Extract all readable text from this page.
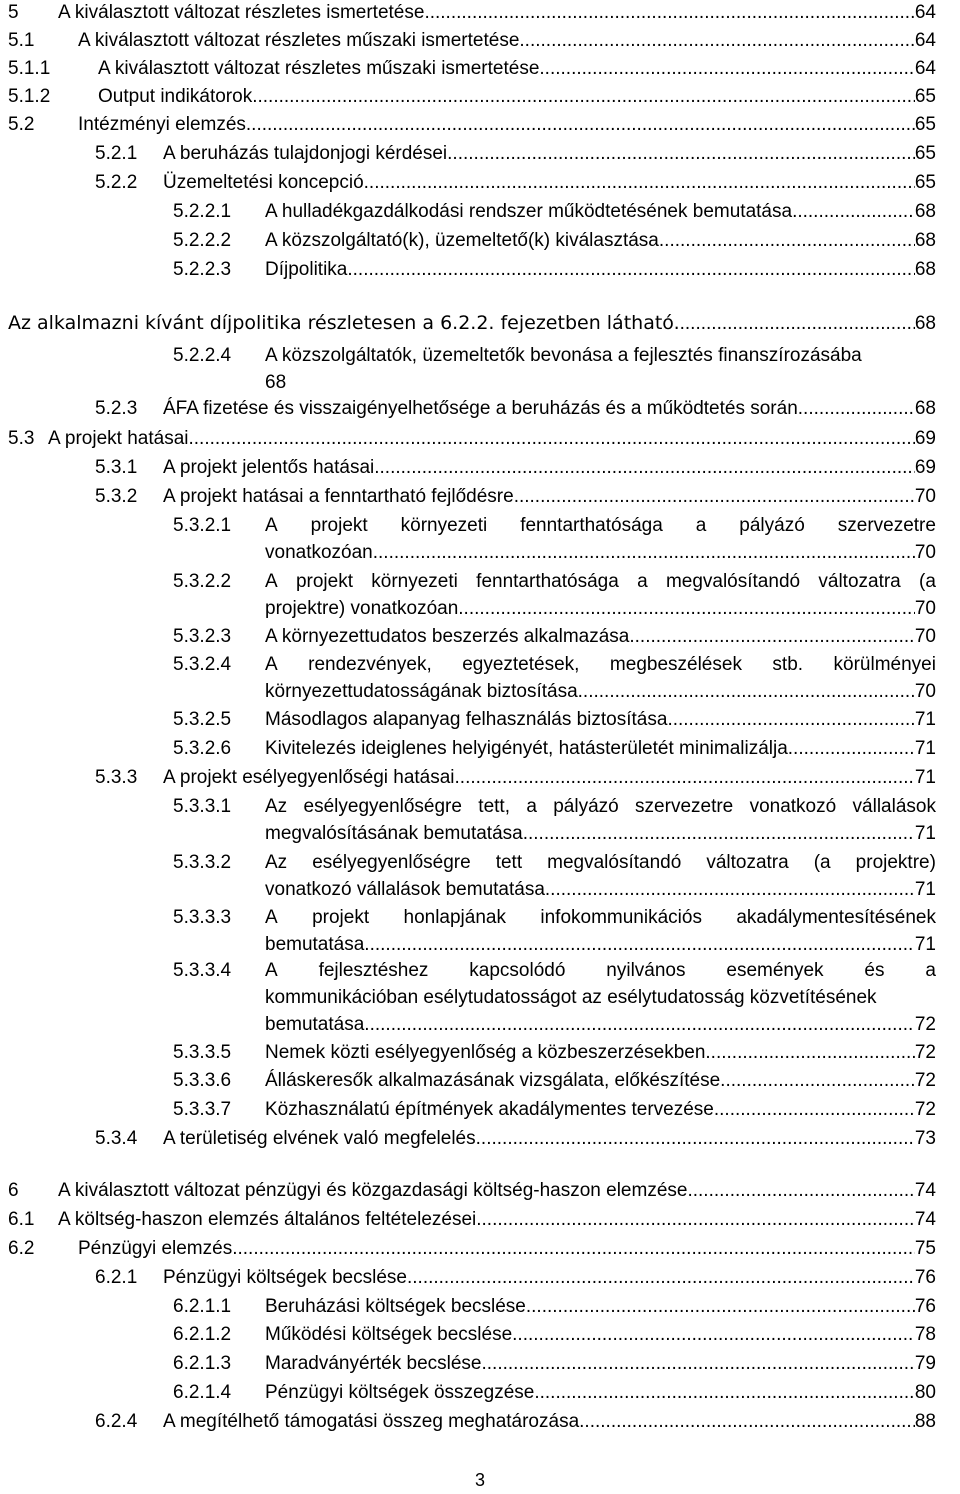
5 A kiválasztott változat részletes ismertetése .....	64
5.1 A kiválasztott változat részletes műszaki ismertetése .....	64
5.1.1	A kiválasztott változat részletes műszaki ismertetése .....	64
5.1.2	Output indikátorok .....	65
5.2 Intézményi elemzés .....	65
5.2.1 A beruházás tulajdonjogi kérdései .....	65
5.2.2 Üzemeltetési koncepció .....	65
5.2.2.1 A hulladékgazdálkodási rendszer működtetésének bemutatása .....	68
5.2.2.2 A közszolgáltató(k), üzemeltető(k) kiválasztása .....	68
5.2.2.3 Díjpolitika .....	68
Az alkalmazni kívánt díjpolitika részletesen a 6.2.2. fejezetben látható. .....	68
5.2.2.4 A közszolgáltatók, üzemeltetők bevonása a fejlesztés finanszírozásába
68
5.2.3 ÁFA fizetése és visszaigényelhetősége a beruházás és a működtetés során .....	68
5.3 A projekt hatásai .....	69
5.3.1 A projekt jelentős hatásai .....	69
5.3.2 A projekt hatásai a fenntartható fejlődésre .....	70
5.3.2.1 A projekt környezeti fenntarthatósága a pályázó szervezetre
vonatkozóan .....	70
5.3.2.2 A projekt környezeti fenntarthatósága a megvalósítandó változatra (a
projektre) vonatkozóan .....	70
5.3.2.3 A környezettudatos beszerzés alkalmazása .....	70
5.3.2.4 A rendezvények, egyeztetések, megbeszélések stb. körülményei
környezettudatosságának biztosítása .....	70
5.3.2.5 Másodlagos alapanyag felhasználás biztosítása .....	71
5.3.2.6 Kivitelezés ideiglenes helyigényét, hatásterületét minimalizálja .....	71
5.3.3 A projekt esélyegyenlőségi hatásai .....	71
5.3.3.1 Az esélyegyenlőségre tett, a pályázó szervezetre vonatkozó vállalások
megvalósításának bemutatása .....	71
5.3.3.2 Az esélyegyenlőségre tett megvalósítandó változatra (a projektre)
vonatkozó vállalások bemutatása .....	71
5.3.3.3 A projekt honlapjának infokommunikációs akadálymentesítésének
bemutatása .....	71
5.3.3.4 A fejlesztéshez kapcsolódó nyilvános események és a
kommunikációban esélytudatosságot az esélytudatosság közvetítésének
bemutatása .....	72
5.3.3.5 Nemek közti esélyegyenlőség a közbeszerzésekben .....	72
5.3.3.6 Álláskeresők alkalmazásának vizsgálata, előkészítése .....	72
5.3.3.7 Közhasználatú építmények akadálymentes tervezése .....	72
5.3.4 A területiség elvének való megfelelés .....	73
6 A kiválasztott változat pénzügyi és közgazdasági költség-haszon elemzése .....	74
6.1 A költség-haszon elemzés általános feltételezései .....	74
6.2 Pénzügyi elemzés .....	75
6.2.1 Pénzügyi költségek becslése .....	76
6.2.1.1 Beruházási költségek becslése .....	76
6.2.1.2 Működési költségek becslése .....	78
6.2.1.3 Maradványérték becslése .....	79
6.2.1.4 Pénzügyi költségek összegzése .....	80
6.2.4 A megítélhető támogatási összeg meghatározása .....	88
3
